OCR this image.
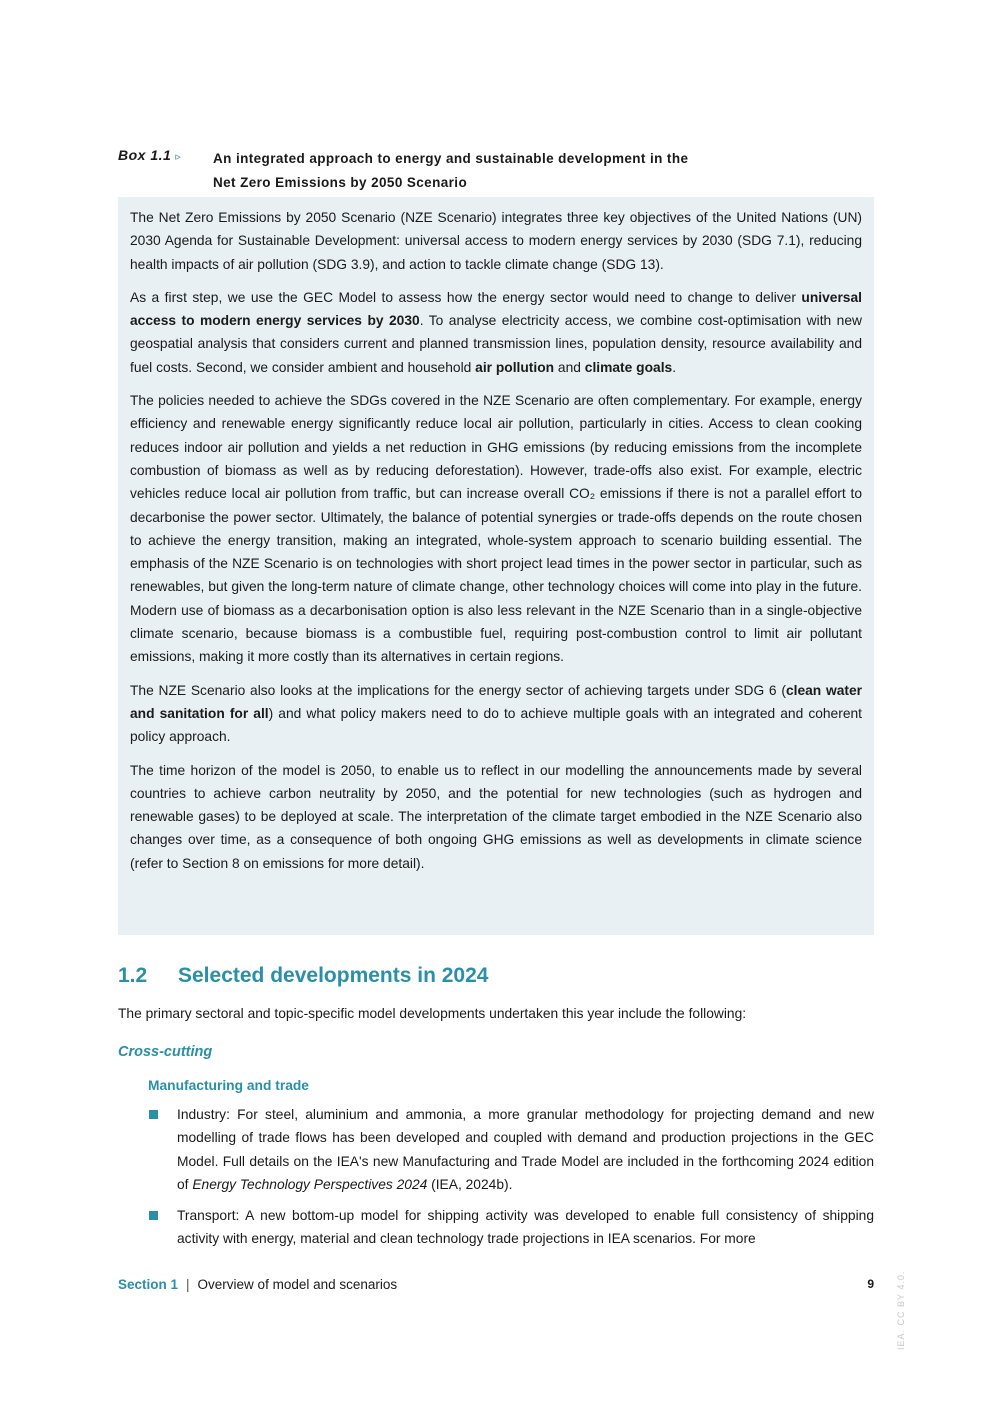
Box 1.1 ▹ An integrated approach to energy and sustainable development in the
Net Zero Emissions by 2050 Scenario

The Net Zero Emissions by 2050 Scenario (NZE Scenario) integrates three key objectives of the United Nations (UN) 2030 Agenda for Sustainable Development: universal access to modern energy services by 2030 (SDG 7.1), reducing health impacts of air pollution (SDG 3.9), and action to tackle climate change (SDG 13).

As a first step, we use the GEC Model to assess how the energy sector would need to change to deliver universal access to modern energy services by 2030. To analyse electricity access, we combine cost-optimisation with new geospatial analysis that considers current and planned transmission lines, population density, resource availability and fuel costs. Second, we consider ambient and household air pollution and climate goals.

The policies needed to achieve the SDGs covered in the NZE Scenario are often complementary. For example, energy efficiency and renewable energy significantly reduce local air pollution, particularly in cities. Access to clean cooking reduces indoor air pollution and yields a net reduction in GHG emissions (by reducing emissions from the incomplete combustion of biomass as well as by reducing deforestation). However, trade-offs also exist. For example, electric vehicles reduce local air pollution from traffic, but can increase overall CO₂ emissions if there is not a parallel effort to decarbonise the power sector. Ultimately, the balance of potential synergies or trade-offs depends on the route chosen to achieve the energy transition, making an integrated, whole-system approach to scenario building essential. The emphasis of the NZE Scenario is on technologies with short project lead times in the power sector in particular, such as renewables, but given the long-term nature of climate change, other technology choices will come into play in the future. Modern use of biomass as a decarbonisation option is also less relevant in the NZE Scenario than in a single-objective climate scenario, because biomass is a combustible fuel, requiring post-combustion control to limit air pollutant emissions, making it more costly than its alternatives in certain regions.

The NZE Scenario also looks at the implications for the energy sector of achieving targets under SDG 6 (clean water and sanitation for all) and what policy makers need to do to achieve multiple goals with an integrated and coherent policy approach.

The time horizon of the model is 2050, to enable us to reflect in our modelling the announcements made by several countries to achieve carbon neutrality by 2050, and the potential for new technologies (such as hydrogen and renewable gases) to be deployed at scale. The interpretation of the climate target embodied in the NZE Scenario also changes over time, as a consequence of both ongoing GHG emissions as well as developments in climate science (refer to Section 8 on emissions for more detail).

1.2 Selected developments in 2024
The primary sectoral and topic-specific model developments undertaken this year include the following:
Cross-cutting
Manufacturing and trade

Industry: For steel, aluminium and ammonia, a more granular methodology for projecting demand and new modelling of trade flows has been developed and coupled with demand and production projections in the GEC Model. Full details on the IEA's new Manufacturing and Trade Model are included in the forthcoming 2024 edition of Energy Technology Perspectives 2024 (IEA, 2024b).

Transport: A new bottom-up model for shipping activity was developed to enable full consistency of shipping activity with energy, material and clean technology trade projections in IEA scenarios. For more

Section 1 | Overview of model and scenarios	9 IEA. CC BY 4.0.
